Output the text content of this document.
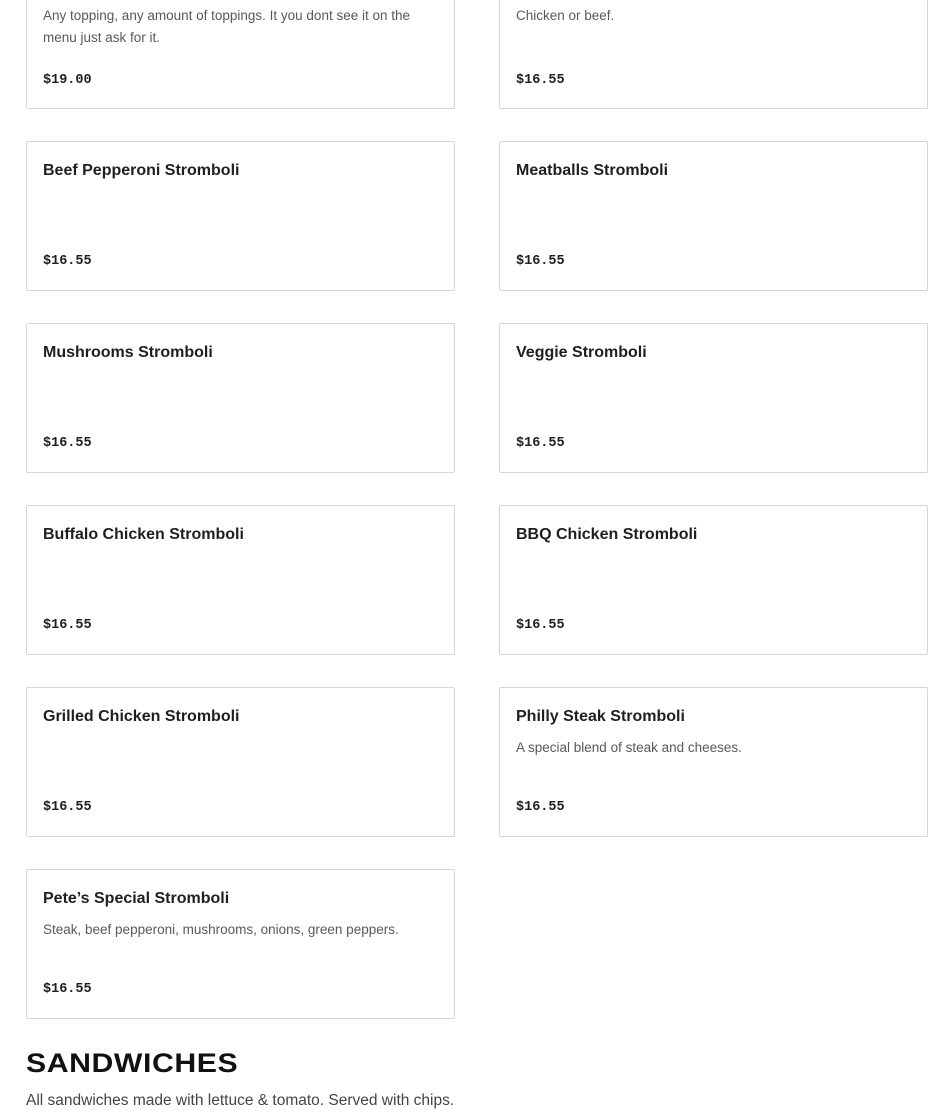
Any topping, any amount of toppings. It you dont see it on the menu just ask for it.
$19.00
Chicken or beef.
$16.55
Beef Pepperoni Stromboli
$16.55
Meatballs Stromboli
$16.55
Mushrooms Stromboli
$16.55
Veggie Stromboli
$16.55
Buffalo Chicken Stromboli
$16.55
BBQ Chicken Stromboli
$16.55
Grilled Chicken Stromboli
$16.55
Philly Steak Stromboli
A special blend of steak and cheeses.
$16.55
Pete’s Special Stromboli
Steak, beef pepperoni, mushrooms, onions, green peppers.
$16.55
SANDWICHES
All sandwiches made with lettuce & tomato. Served with chips.
